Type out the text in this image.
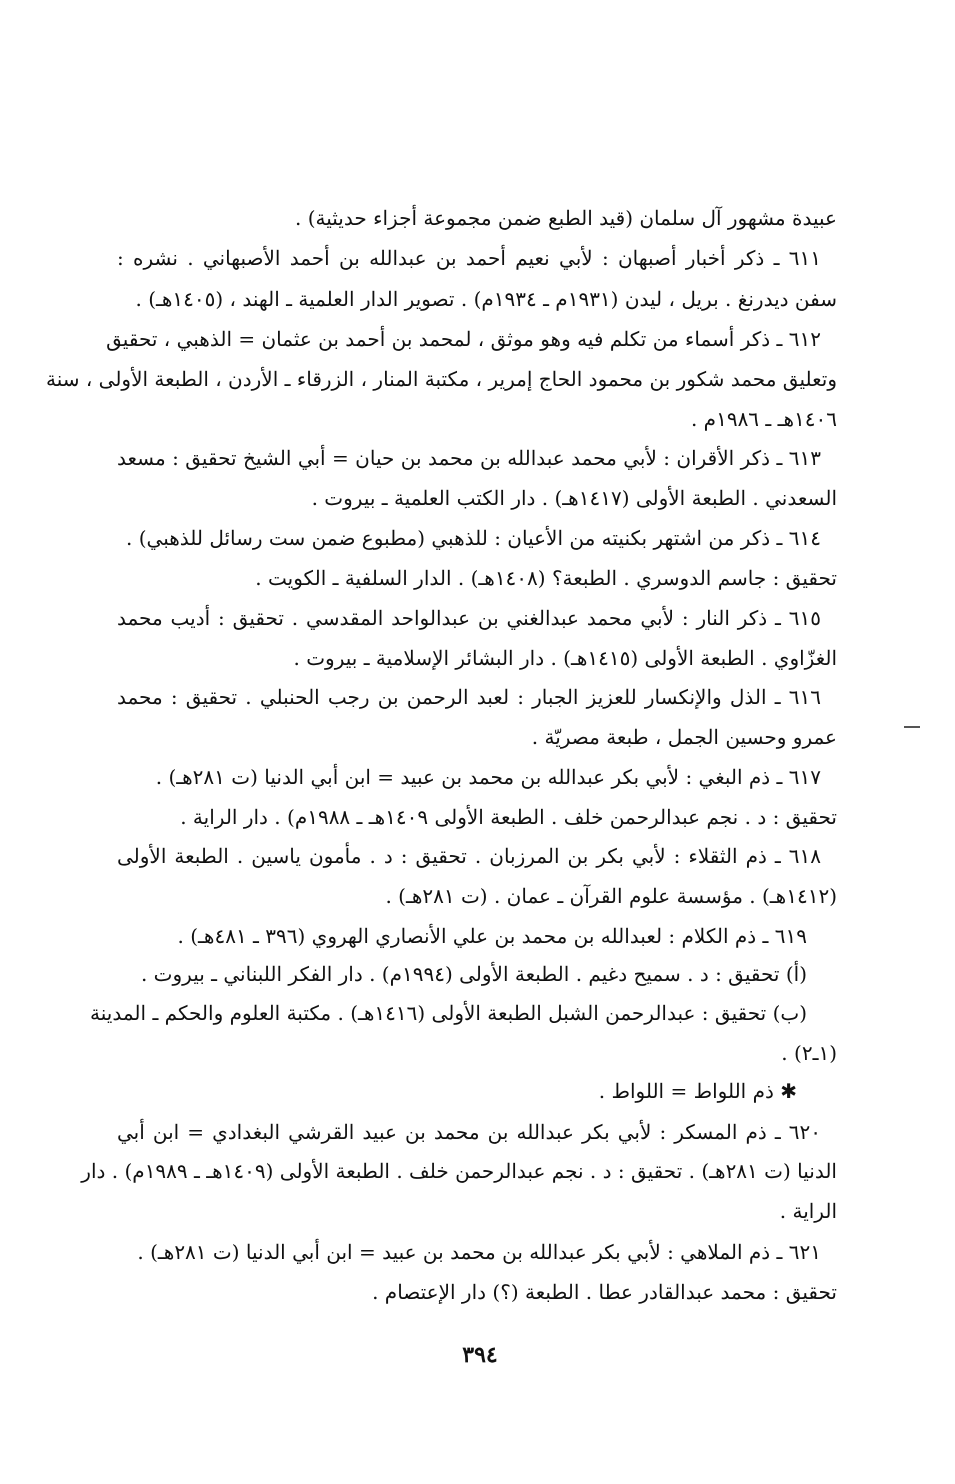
عبيدة مشهور آل سلمان (قيد الطبع ضمن مجموعة أجزاء حديثية) .
٦١١ ـ ذكر أخبار أصبهان : لأبي نعيم أحمد بن عبدالله بن أحمد الأصبهاني . نشره :
سفن ديدرنغ . بريل ، ليدن (١٩٣١م ـ ١٩٣٤م) . تصوير الدار العلمية ـ الهند ، (١٤٠٥هـ) .
٦١٢ ـ ذكر أسماء من تكلم فيه وهو موثق ، لمحمد بن أحمد بن عثمان = الذهبي ، تحقيق
وتعليق محمد شكور بن محمود الحاج إمرير ، مكتبة المنار ، الزرقاء ـ الأردن ، الطبعة الأولى ، سنة
١٤٠٦هـ ـ ١٩٨٦م .
٦١٣ ـ ذكر الأقران : لأبي محمد عبدالله بن محمد بن حيان = أبي الشيخ تحقيق : مسعد
السعدني . الطبعة الأولى (١٤١٧هـ) . دار الكتب العلمية ـ بيروت .
٦١٤ ـ ذكر من اشتهر بكنيته من الأعيان : للذهبي (مطبوع ضمن ست رسائل للذهبي) .
تحقيق : جاسم الدوسري . الطبعة؟ (١٤٠٨هـ) . الدار السلفية ـ الكويت .
٦١٥ ـ ذكر النار : لأبي محمد عبدالغني بن عبدالواحد المقدسي . تحقيق : أديب محمد
الغزّاوي . الطبعة الأولى (١٤١٥هـ) . دار البشائر الإسلامية ـ بيروت .
٦١٦ ـ الذل والإنكسار للعزيز الجبار : لعبد الرحمن بن رجب الحنبلي . تحقيق : محمد
عمرو وحسين الجمل ، طبعة مصريّة .
٦١٧ ـ ذم البغي : لأبي بكر عبدالله بن محمد بن عبيد = ابن أبي الدنيا (ت ٢٨١هـ) .
تحقيق : د . نجم عبدالرحمن خلف . الطبعة الأولى ١٤٠٩هـ ـ ١٩٨٨م) . دار الراية .
٦١٨ ـ ذم الثقلاء : لأبي بكر بن المرزبان . تحقيق : د . مأمون ياسين . الطبعة الأولى
(١٤١٢هـ) . مؤسسة علوم القرآن ـ عمان . (ت ٢٨١هـ) .
٦١٩ ـ ذم الكلام : لعبدالله بن محمد بن علي الأنصاري الهروي (٣٩٦ ـ ٤٨١هـ) .
(أ) تحقيق : د . سميح دغيم . الطبعة الأولى (١٩٩٤م) . دار الفكر اللبناني ـ بيروت .
(ب) تحقيق : عبدالرحمن الشبل الطبعة الأولى (١٤١٦هـ) . مكتبة العلوم والحكم ـ المدينة
(١ـ٢) .
✱ ذم اللواط = اللواط .
٦٢٠ ـ ذم المسكر : لأبي بكر عبدالله بن محمد بن عبيد القرشي البغدادي = ابن أبي
الدنيا (ت ٢٨١هـ) . تحقيق : د . نجم عبدالرحمن خلف . الطبعة الأولى (١٤٠٩هـ ـ ١٩٨٩م) . دار
الراية .
٦٢١ ـ ذم الملاهي : لأبي بكر عبدالله بن محمد بن عبيد = ابن أبي الدنيا (ت ٢٨١هـ) .
تحقيق : محمد عبدالقادر عطا . الطبعة (؟) دار الإعتصام .
٣٩٤
